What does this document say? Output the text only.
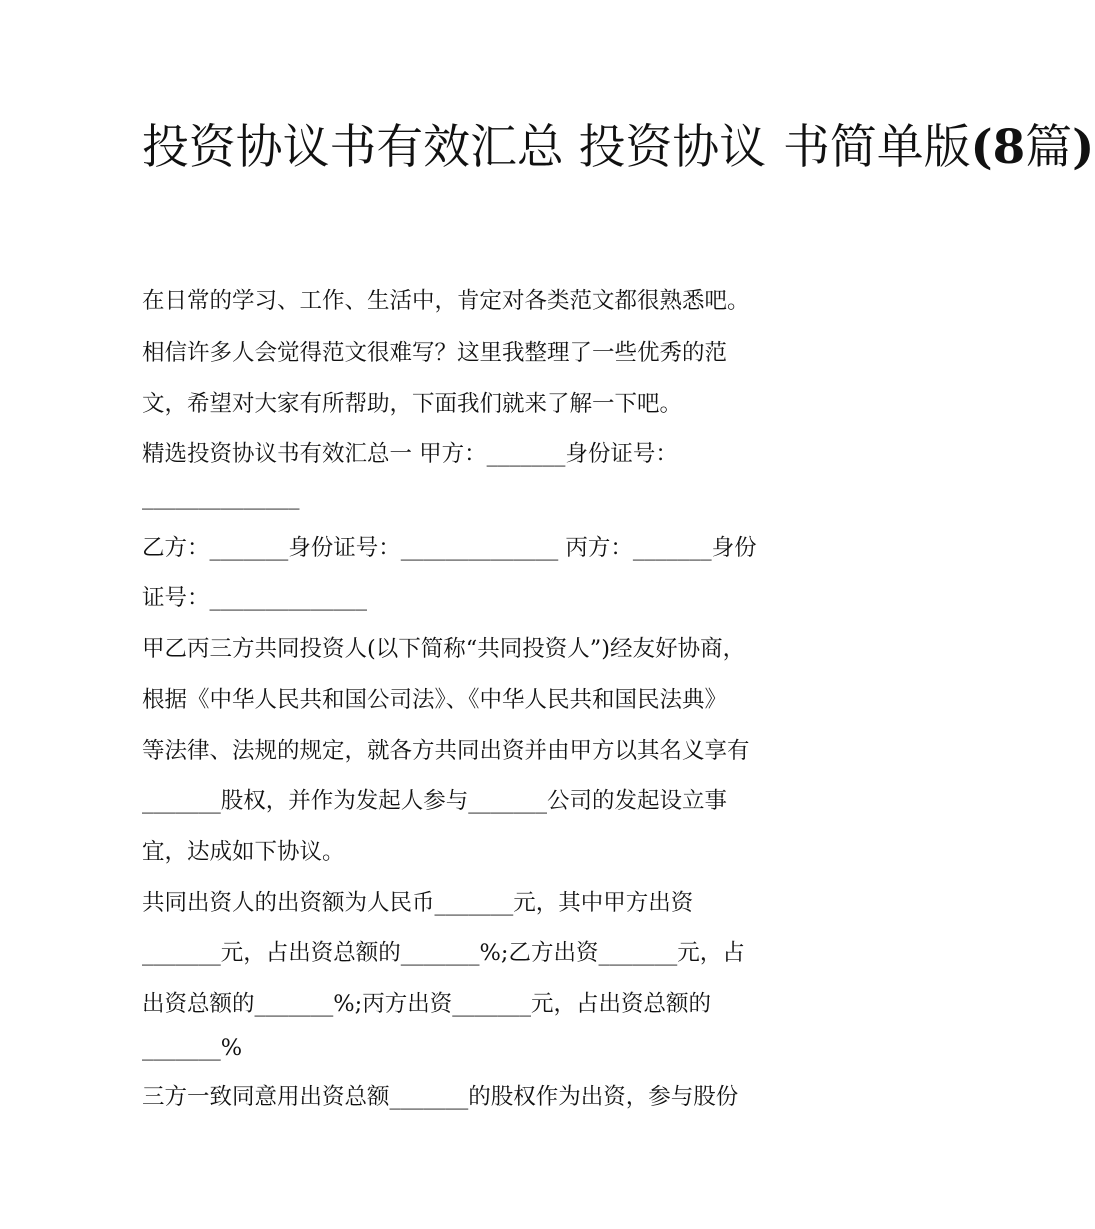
投资协议书有效汇总 投资协议 书简单版(8篇)
在日常的学习、工作、生活中，肯定对各类范文都很熟悉吧。
相信许多人会觉得范文很难写？这里我整理了一些优秀的范
文，希望对大家有所帮助，下面我们就来了解一下吧。
精选投资协议书有效汇总一 甲方：_______身份证号：
______________
乙方：_______身份证号：______________ 丙方：_______身份
证号：______________
甲乙丙三方共同投资人(以下简称“共同投资人”)经友好协商，
根据《中华人民共和国公司法》、《中华人民共和国民法典》
等法律、法规的规定，就各方共同出资并由甲方以其名义享有
_______股权，并作为发起人参与_______公司的发起设立事
宜，达成如下协议。
共同出资人的出资额为人民币_______元，其中甲方出资
_______元，占出资总额的_______%;乙方出资_______元，占
出资总额的_______%;丙方出资_______元，占出资总额的
_______%
三方一致同意用出资总额_______的股权作为出资，参与股份
